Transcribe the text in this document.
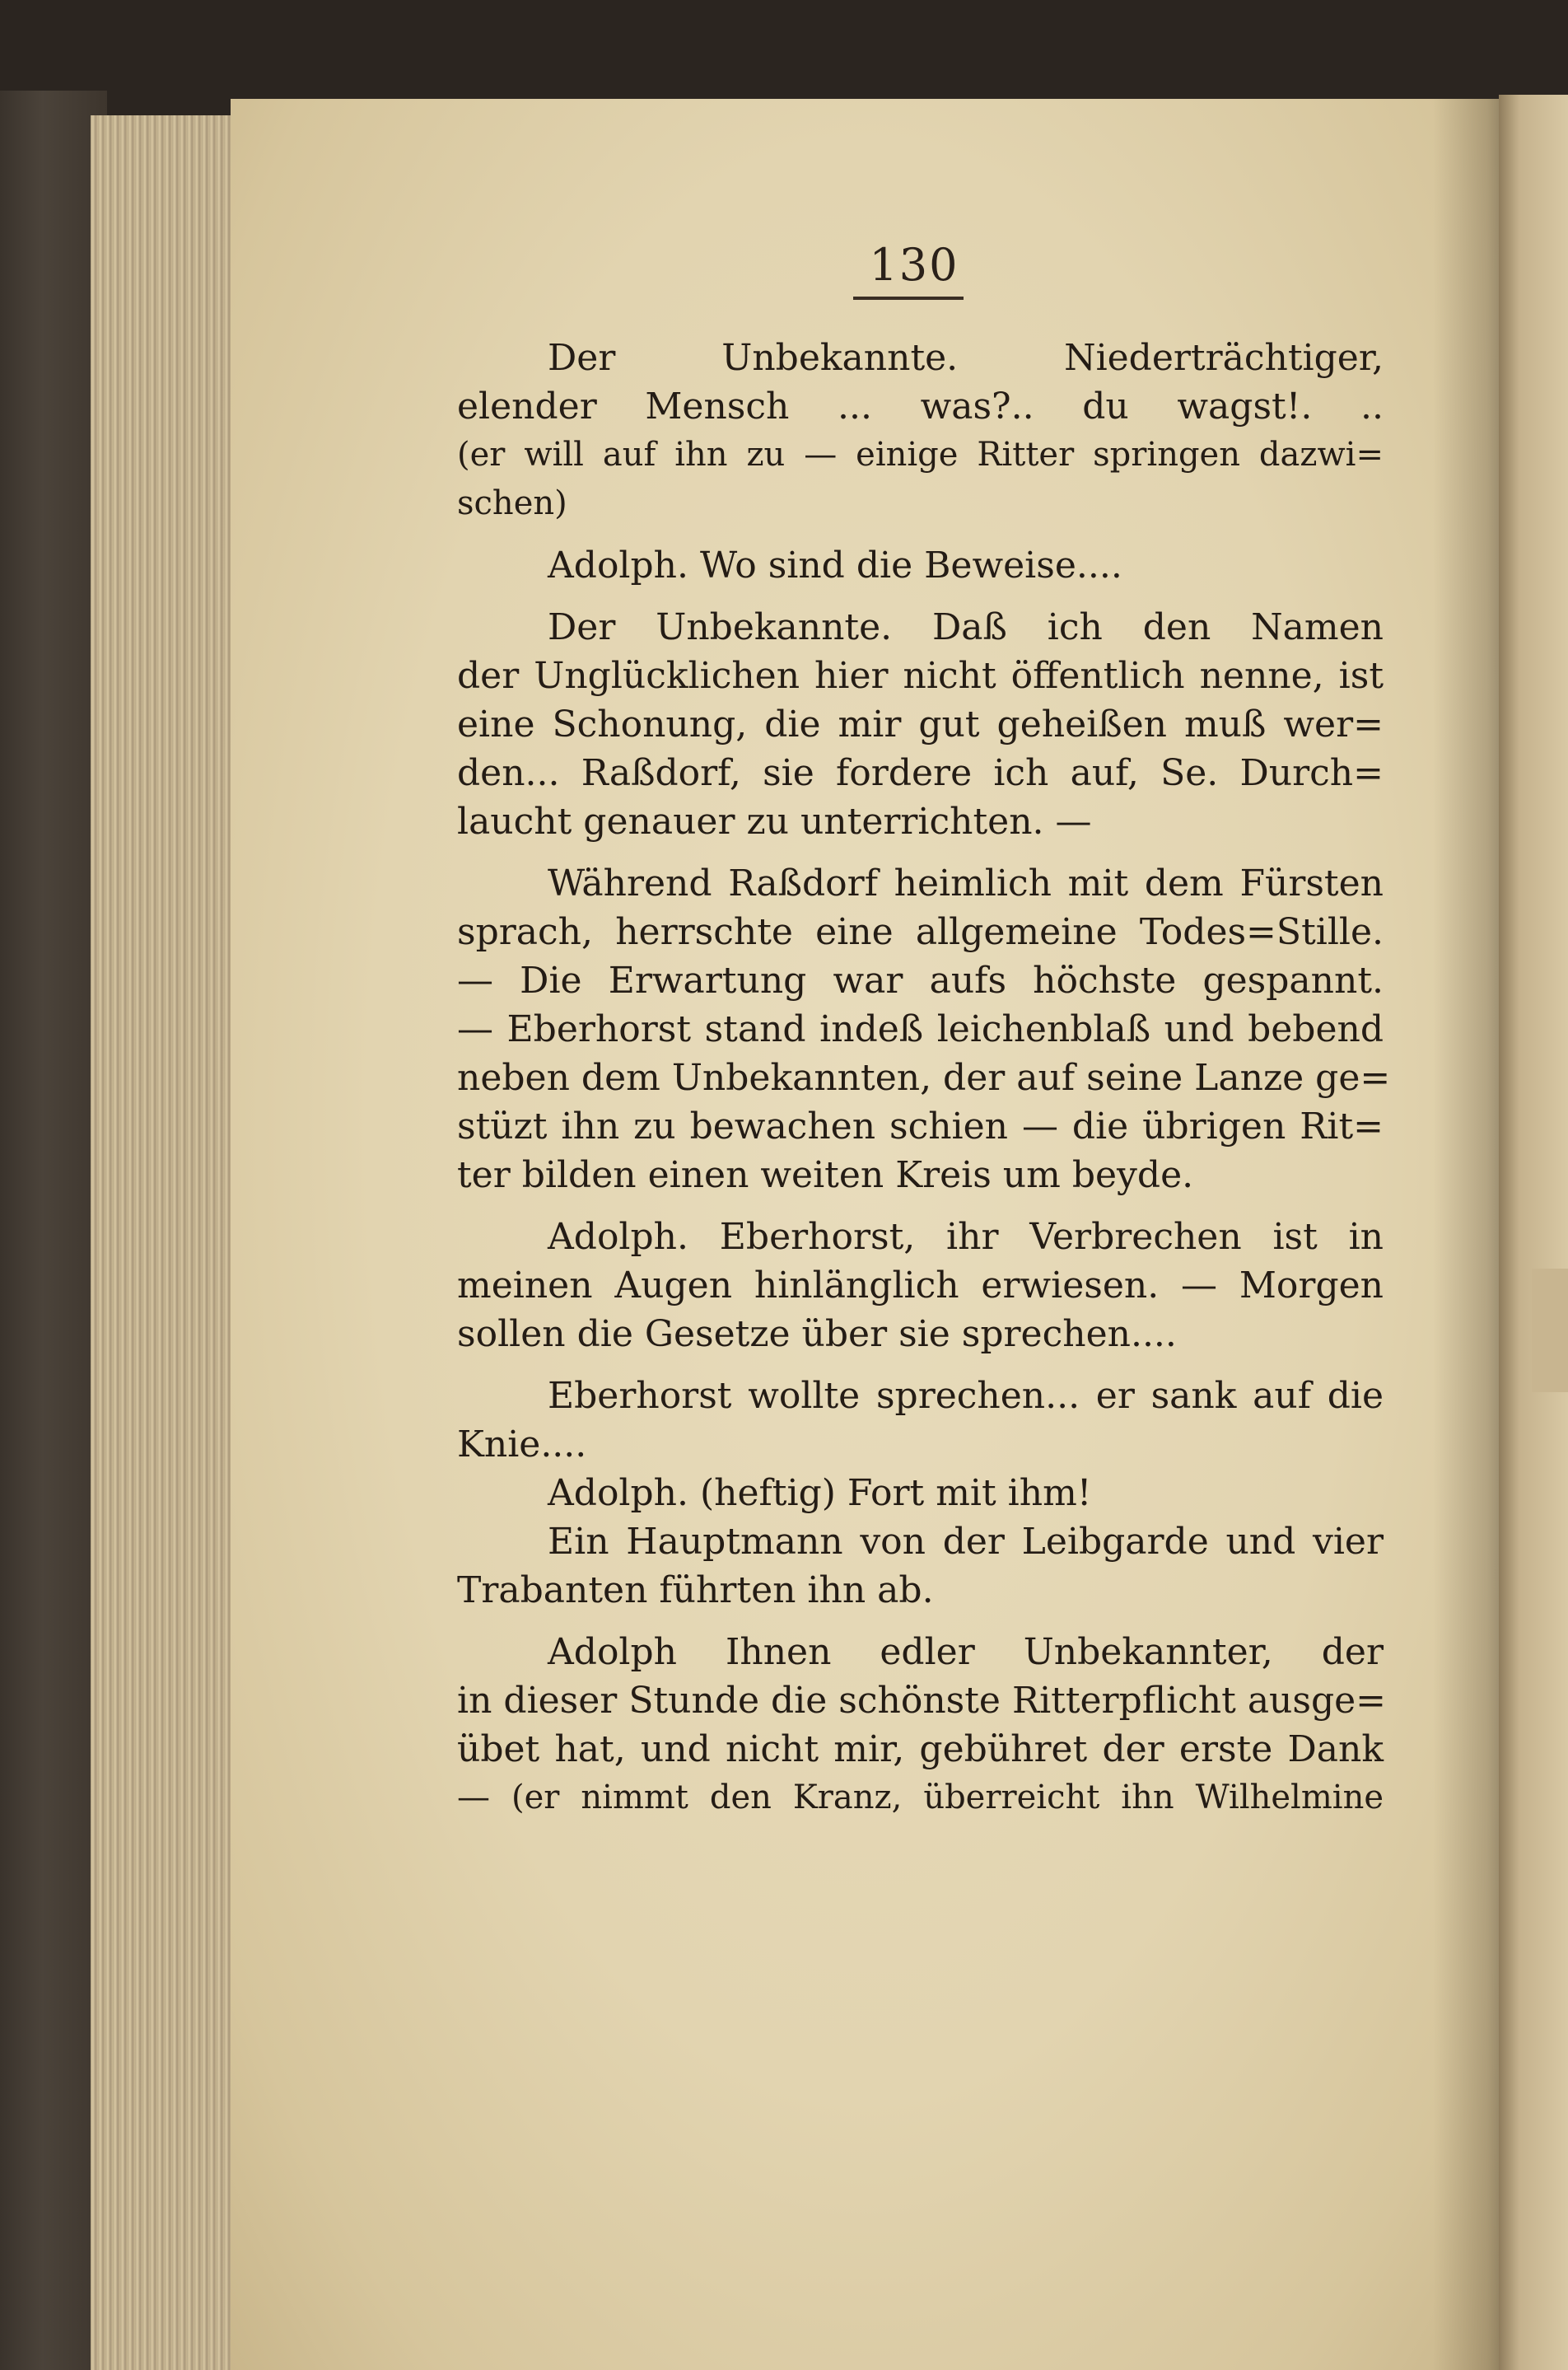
130
Der Unbekannte. Niederträchtiger,
elender Mensch ... was?.. du wagst!. ..
(er will auf ihn zu — einige Ritter springen dazwi=
schen)
Adolph. Wo sind die Beweise....
Der Unbekannte. Daß ich den Namen
der Unglücklichen hier nicht öffentlich nenne, ist
eine Schonung, die mir gut geheißen muß wer=
den... Raßdorf, sie fordere ich auf, Se. Durch=
laucht genauer zu unterrichten. —
Während Raßdorf heimlich mit dem Fürsten
sprach, herrschte eine allgemeine Todes=Stille.
— Die Erwartung war aufs höchste gespannt.
— Eberhorst stand indeß leichenblaß und bebend
neben dem Unbekannten, der auf seine Lanze ge=
stüzt ihn zu bewachen schien — die übrigen Rit=
ter bilden einen weiten Kreis um beyde.
Adolph. Eberhorst, ihr Verbrechen ist in
meinen Augen hinlänglich erwiesen. — Morgen
sollen die Gesetze über sie sprechen....
Eberhorst wollte sprechen... er sank auf die
Knie....
Adolph. (heftig) Fort mit ihm!
Ein Hauptmann von der Leibgarde und vier
Trabanten führten ihn ab.
Adolph Ihnen edler Unbekannter, der
in dieser Stunde die schönste Ritterpflicht ausge=
übet hat, und nicht mir, gebühret der erste Dank
— (er nimmt den Kranz, überreicht ihn Wilhelmine
